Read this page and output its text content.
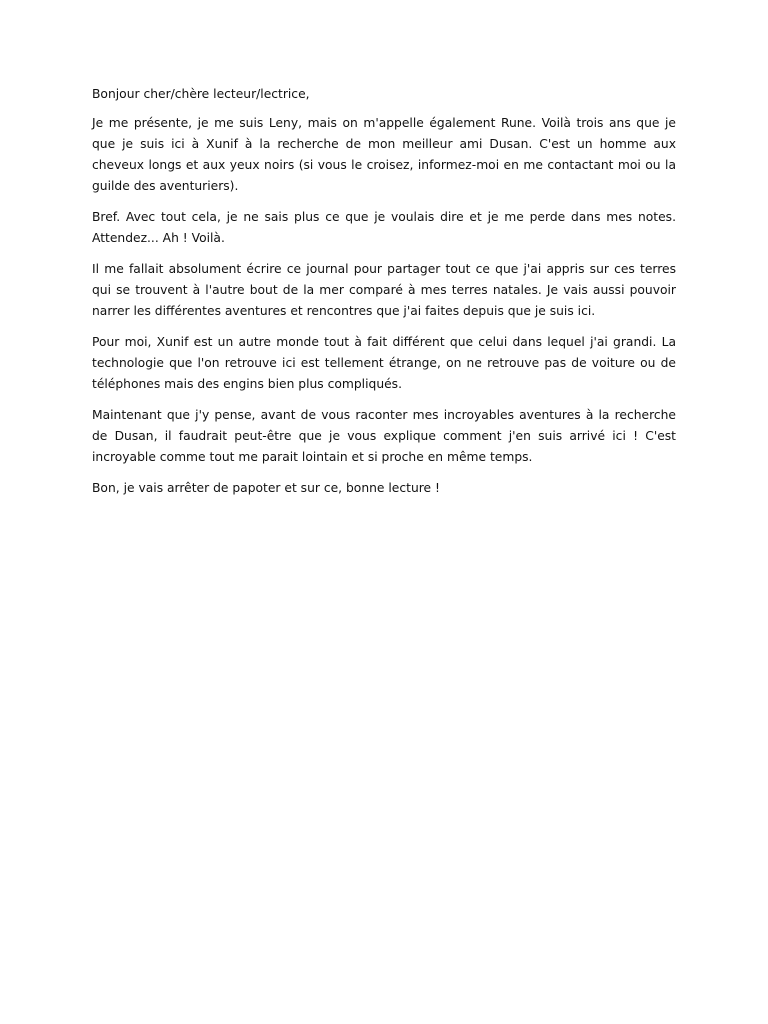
Bonjour cher/chère lecteur/lectrice,

Je me présente, je me suis Leny, mais on m'appelle également Rune. Voilà trois ans que je que je suis ici à Xunif à la recherche de mon meilleur ami Dusan. C'est un homme aux cheveux longs et aux yeux noirs (si vous le croisez, informez-moi en me contactant moi ou la guilde des aventuriers).

Bref. Avec tout cela, je ne sais plus ce que je voulais dire et je me perde dans mes notes. Attendez... Ah ! Voilà.

Il me fallait absolument écrire ce journal pour partager tout ce que j'ai appris sur ces terres qui se trouvent à l'autre bout de la mer comparé à mes terres natales. Je vais aussi pouvoir narrer les différentes aventures et rencontres que j'ai faites depuis que je suis ici.

Pour moi, Xunif est un autre monde tout à fait différent que celui dans lequel j'ai grandi. La technologie que l'on retrouve ici est tellement étrange, on ne retrouve pas de voiture ou de téléphones mais des engins bien plus compliqués.

Maintenant que j'y pense, avant de vous raconter mes incroyables aventures à la recherche de Dusan, il faudrait peut-être que je vous explique comment j'en suis arrivé ici ! C'est incroyable comme tout me parait lointain et si proche en même temps.

Bon, je vais arrêter de papoter et sur ce, bonne lecture !
